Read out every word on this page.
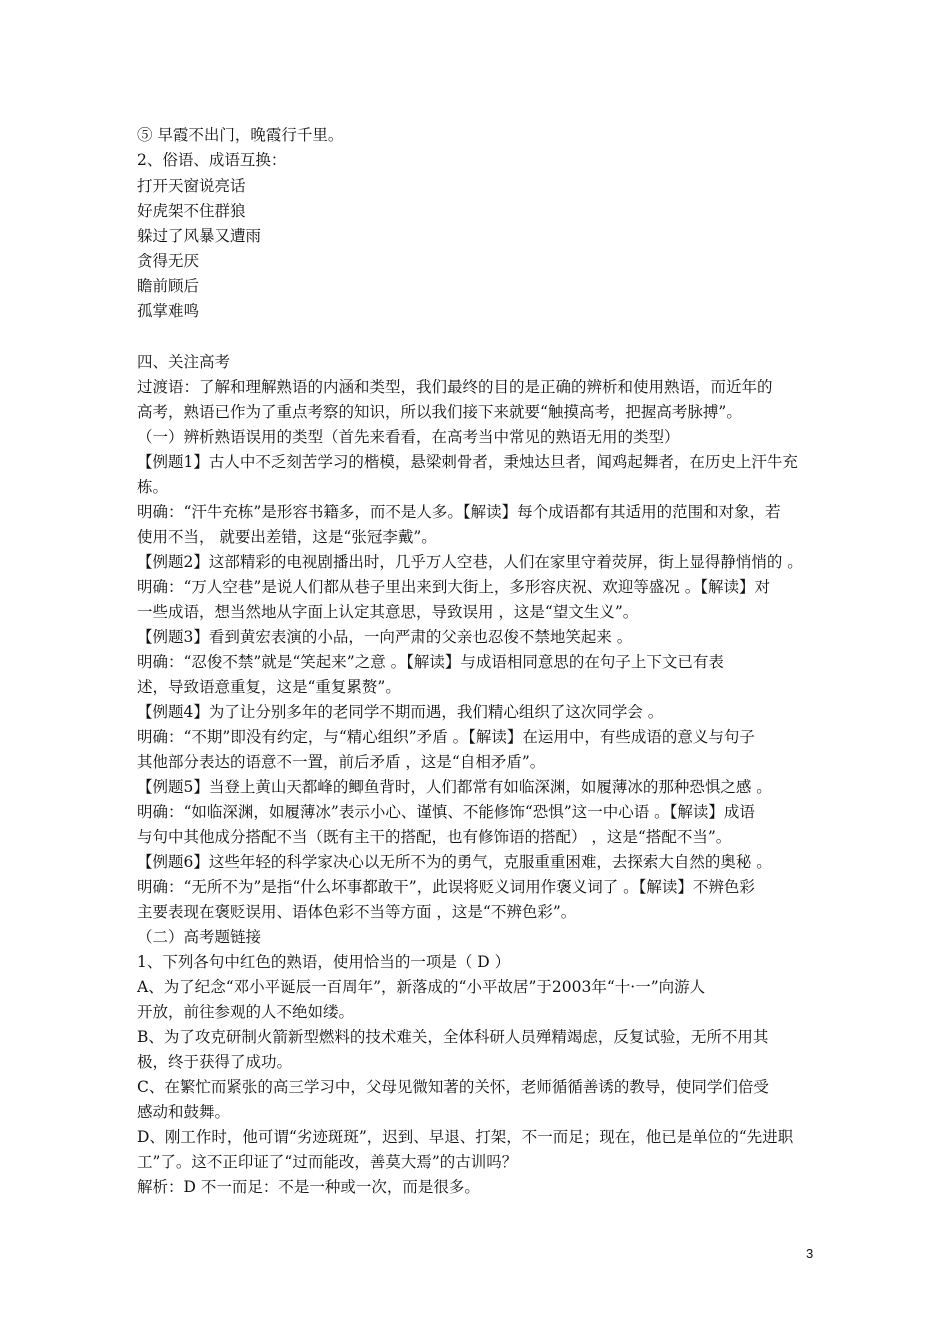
⑤ 早霞不出门，晚霞行千里。
2、俗语、成语互换：
打开天窗说亮话
好虎架不住群狼
躲过了风暴又遭雨
贪得无厌
瞻前顾后
孤掌难鸣
四、关注高考
过渡语：了解和理解熟语的内涵和类型，我们最终的目的是正确的辨析和使用熟语，而近年的
高考，熟语已作为了重点考察的知识，所以我们接下来就要“触摸高考，把握高考脉搏”。
（一）辨析熟语误用的类型（首先来看看，在高考当中常见的熟语无用的类型）
【例题1】古人中不乏刻苦学习的楷模，悬梁刺骨者，秉烛达旦者，闻鸡起舞者，在历史上汗牛充
栋。
明确：“汗牛充栋”是形容书籍多，而不是人多。【解读】每个成语都有其适用的范围和对象，若
使用不当， 就要出差错，这是“张冠李戴”。
【例题2】这部精彩的电视剧播出时，几乎万人空巷，人们在家里守着荧屏，街上显得静悄悄的 。
明确：“万人空巷”是说人们都从巷子里出来到大街上，多形容庆祝、欢迎等盛况 。【解读】对
一些成语，想当然地从字面上认定其意思，导致误用 ，这是“望文生义”。
【例题3】看到黄宏表演的小品，一向严肃的父亲也忍俊不禁地笑起来 。
明确：“忍俊不禁”就是“笑起来”之意 。【解读】与成语相同意思的在句子上下文已有表
述，导致语意重复，这是“重复累赘”。
【例题4】为了让分别多年的老同学不期而遇，我们精心组织了这次同学会 。
明确：“不期”即没有约定，与“精心组织”矛盾 。【解读】在运用中，有些成语的意义与句子
其他部分表达的语意不一置，前后矛盾 ，这是“自相矛盾”。
【例题5】当登上黄山天都峰的鲫鱼背时，人们都常有如临深渊，如履薄冰的那种恐惧之感 。
明确：“如临深渊，如履薄冰”表示小心、谨慎、不能修饰“恐惧”这一中心语 。【解读】成语
与句中其他成分搭配不当（既有主干的搭配，也有修饰语的搭配） ，这是“搭配不当”。
【例题6】这些年轻的科学家决心以无所不为的勇气，克服重重困难，去探索大自然的奥秘 。
明确：“无所不为”是指“什么坏事都敢干”，此误将贬义词用作褒义词了 。【解读】不辨色彩
主要表现在褒贬误用、语体色彩不当等方面 ，这是“不辨色彩”。
（二）高考题链接
1、下列各句中红色的熟语，使用恰当的一项是（ D ）
A、为了纪念“邓小平诞辰一百周年”，新落成的“小平故居”于2003年“十·一”向游人
开放，前往参观的人不绝如缕。
B、为了攻克研制火箭新型燃料的技术难关，全体科研人员殚精竭虑，反复试验，无所不用其
极，终于获得了成功。
C、在繁忙而紧张的高三学习中，父母见微知著的关怀，老师循循善诱的教导，使同学们倍受
感动和鼓舞。
D、刚工作时，他可谓“劣迹斑斑”，迟到、早退、打架，不一而足；现在，他已是单位的“先进职
工”了。这不正印证了“过而能改，善莫大焉”的古训吗？
解析：D 不一而足：不是一种或一次，而是很多。
3
